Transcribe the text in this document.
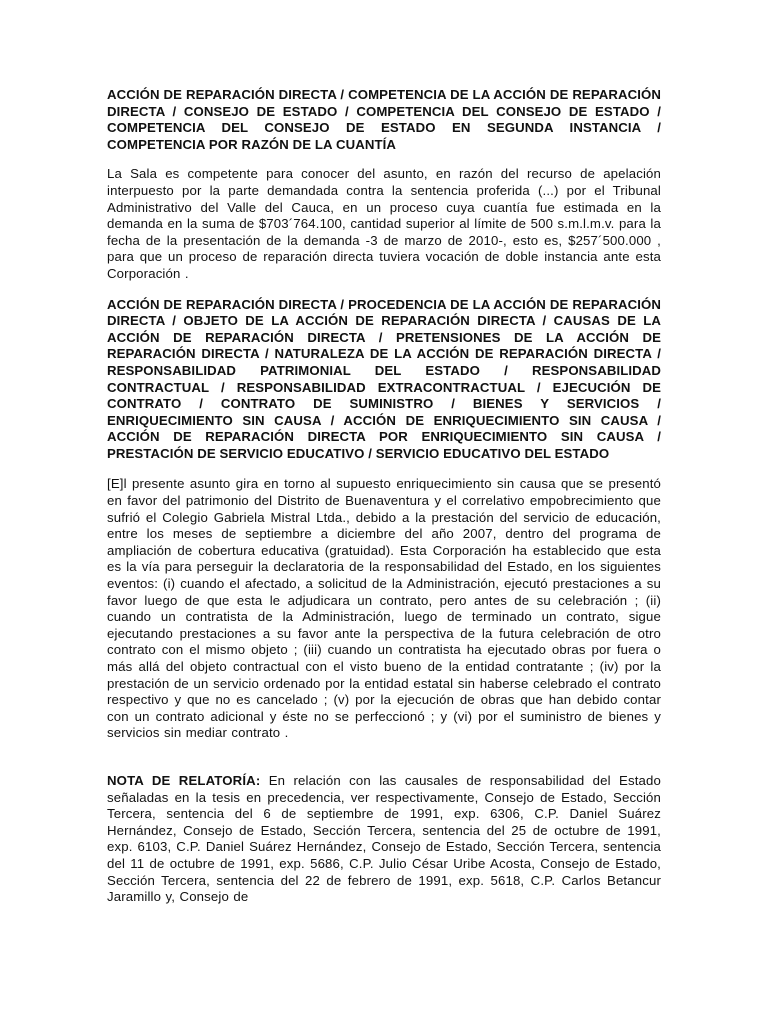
ACCIÓN DE REPARACIÓN DIRECTA / COMPETENCIA DE LA ACCIÓN DE REPARACIÓN DIRECTA / CONSEJO DE ESTADO / COMPETENCIA DEL CONSEJO DE ESTADO / COMPETENCIA DEL CONSEJO DE ESTADO EN SEGUNDA INSTANCIA / COMPETENCIA POR RAZÓN DE LA CUANTÍA

La Sala es competente para conocer del asunto, en razón del recurso de apelación interpuesto por la parte demandada contra la sentencia proferida (...) por el Tribunal Administrativo del Valle del Cauca, en un proceso cuya cuantía fue estimada en la demanda en la suma de $703´764.100, cantidad superior al límite de 500 s.m.l.m.v. para la fecha de la presentación de la demanda -3 de marzo de 2010-, esto es, $257´500.000 , para que un proceso de reparación directa tuviera vocación de doble instancia ante esta Corporación .

ACCIÓN DE REPARACIÓN DIRECTA / PROCEDENCIA DE LA ACCIÓN DE REPARACIÓN DIRECTA / OBJETO DE LA ACCIÓN DE REPARACIÓN DIRECTA / CAUSAS DE LA ACCIÓN DE REPARACIÓN DIRECTA / PRETENSIONES DE LA ACCIÓN DE REPARACIÓN DIRECTA / NATURALEZA DE LA ACCIÓN DE REPARACIÓN DIRECTA / RESPONSABILIDAD PATRIMONIAL DEL ESTADO / RESPONSABILIDAD CONTRACTUAL / RESPONSABILIDAD EXTRACONTRACTUAL / EJECUCIÓN DE CONTRATO / CONTRATO DE SUMINISTRO / BIENES Y SERVICIOS / ENRIQUECIMIENTO SIN CAUSA / ACCIÓN DE ENRIQUECIMIENTO SIN CAUSA / ACCIÓN DE REPARACIÓN DIRECTA POR ENRIQUECIMIENTO SIN CAUSA / PRESTACIÓN DE SERVICIO EDUCATIVO / SERVICIO EDUCATIVO DEL ESTADO

[E]l presente asunto gira en torno al supuesto enriquecimiento sin causa que se presentó en favor del patrimonio del Distrito de Buenaventura y el correlativo empobrecimiento que sufrió el Colegio Gabriela Mistral Ltda., debido a la prestación del servicio de educación, entre los meses de septiembre a diciembre del año 2007, dentro del programa de ampliación de cobertura educativa (gratuidad). Esta Corporación ha establecido que esta es la vía para perseguir la declaratoria de la responsabilidad del Estado, en los siguientes eventos: (i) cuando el afectado, a solicitud de la Administración, ejecutó prestaciones a su favor luego de que esta le adjudicara un contrato, pero antes de su celebración ; (ii) cuando un contratista de la Administración, luego de terminado un contrato, sigue ejecutando prestaciones a su favor ante la perspectiva de la futura celebración de otro contrato con el mismo objeto ; (iii) cuando un contratista ha ejecutado obras por fuera o más allá del objeto contractual con el visto bueno de la entidad contratante ; (iv) por la prestación de un servicio ordenado por la entidad estatal sin haberse celebrado el contrato respectivo y que no es cancelado ; (v) por la ejecución de obras que han debido contar con un contrato adicional y éste no se perfeccionó ; y (vi) por el suministro de bienes y servicios sin mediar contrato .

NOTA DE RELATORÍA: En relación con las causales de responsabilidad del Estado señaladas en la tesis en precedencia, ver respectivamente, Consejo de Estado, Sección Tercera, sentencia del 6 de septiembre de 1991, exp. 6306, C.P. Daniel Suárez Hernández, Consejo de Estado, Sección Tercera, sentencia del 25 de octubre de 1991, exp. 6103, C.P. Daniel Suárez Hernández, Consejo de Estado, Sección Tercera, sentencia del 11 de octubre de 1991, exp. 5686, C.P. Julio César Uribe Acosta, Consejo de Estado, Sección Tercera, sentencia del 22 de febrero de 1991, exp. 5618, C.P. Carlos Betancur Jaramillo y, Consejo de
